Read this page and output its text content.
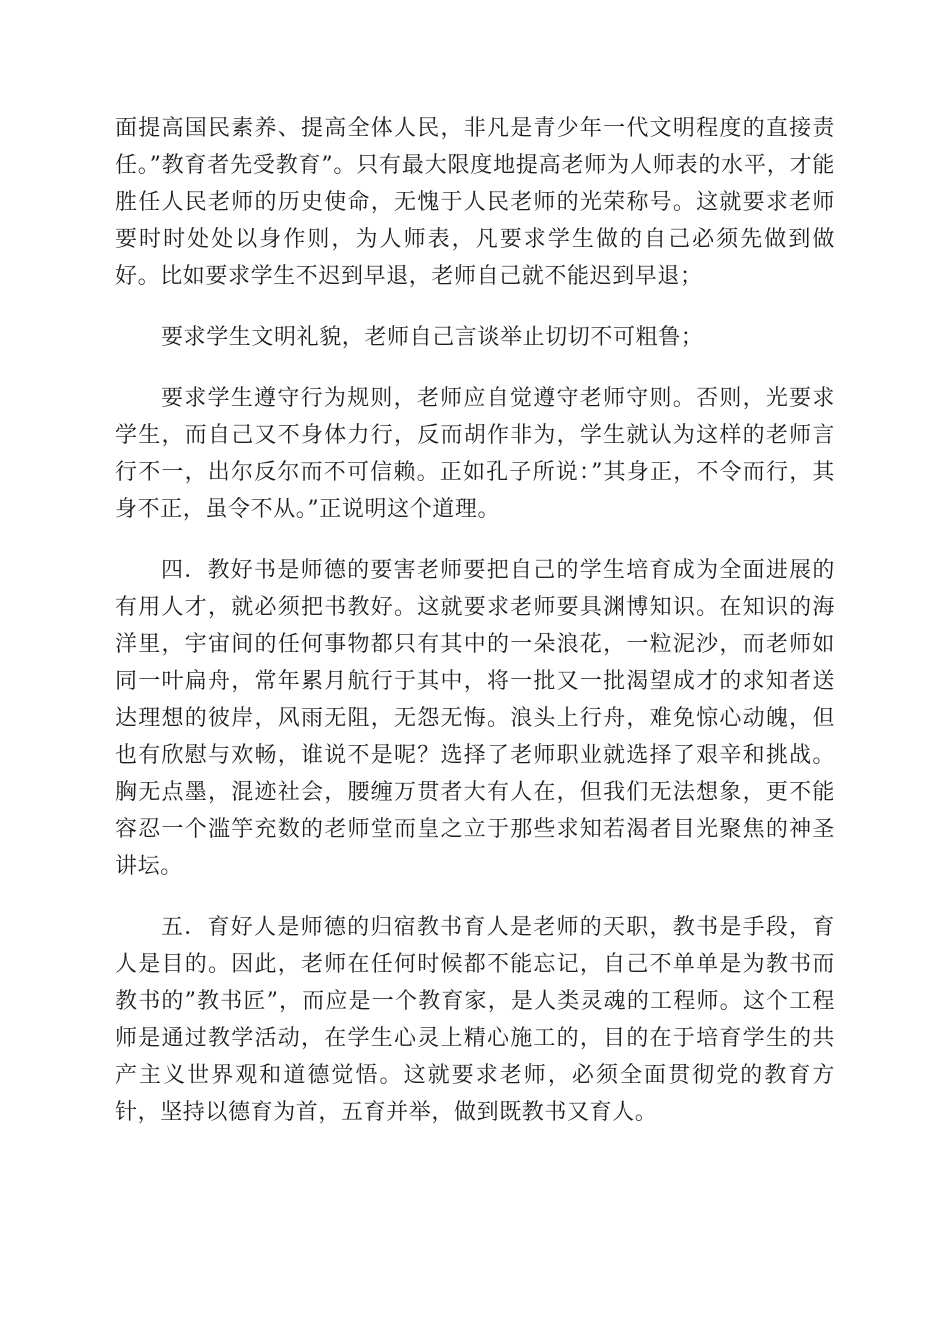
面提高国民素养、提高全体人民，非凡是青少年一代文明程度的直接责任。”教育者先受教育”。只有最大限度地提高老师为人师表的水平，才能胜任人民老师的历史使命，无愧于人民老师的光荣称号。这就要求老师要时时处处以身作则，为人师表，凡要求学生做的自己必须先做到做好。比如要求学生不迟到早退，老师自己就不能迟到早退；

要求学生文明礼貌，老师自己言谈举止切切不可粗鲁；

要求学生遵守行为规则，老师应自觉遵守老师守则。否则，光要求学生，而自己又不身体力行，反而胡作非为，学生就认为这样的老师言行不一，出尔反尔而不可信赖。正如孔子所说：”其身正，不令而行，其身不正，虽令不从。”正说明这个道理。

四．教好书是师德的要害老师要把自己的学生培育成为全面进展的有用人才，就必须把书教好。这就要求老师要具渊博知识。在知识的海洋里，宇宙间的任何事物都只有其中的一朵浪花，一粒泥沙，而老师如同一叶扁舟，常年累月航行于其中，将一批又一批渴望成才的求知者送达理想的彼岸，风雨无阻，无怨无悔。浪头上行舟，难免惊心动魄，但也有欣慰与欢畅，谁说不是呢？选择了老师职业就选择了艰辛和挑战。胸无点墨，混迹社会，腰缠万贯者大有人在，但我们无法想象，更不能容忍一个滥竽充数的老师堂而皇之立于那些求知若渴者目光聚焦的神圣讲坛。

五．育好人是师德的归宿教书育人是老师的天职，教书是手段，育人是目的。因此，老师在任何时候都不能忘记，自己不单单是为教书而教书的”教书匠”，而应是一个教育家，是人类灵魂的工程师。这个工程师是通过教学活动，在学生心灵上精心施工的，目的在于培育学生的共产主义世界观和道德觉悟。这就要求老师，必须全面贯彻党的教育方针，坚持以德育为首，五育并举，做到既教书又育人。
